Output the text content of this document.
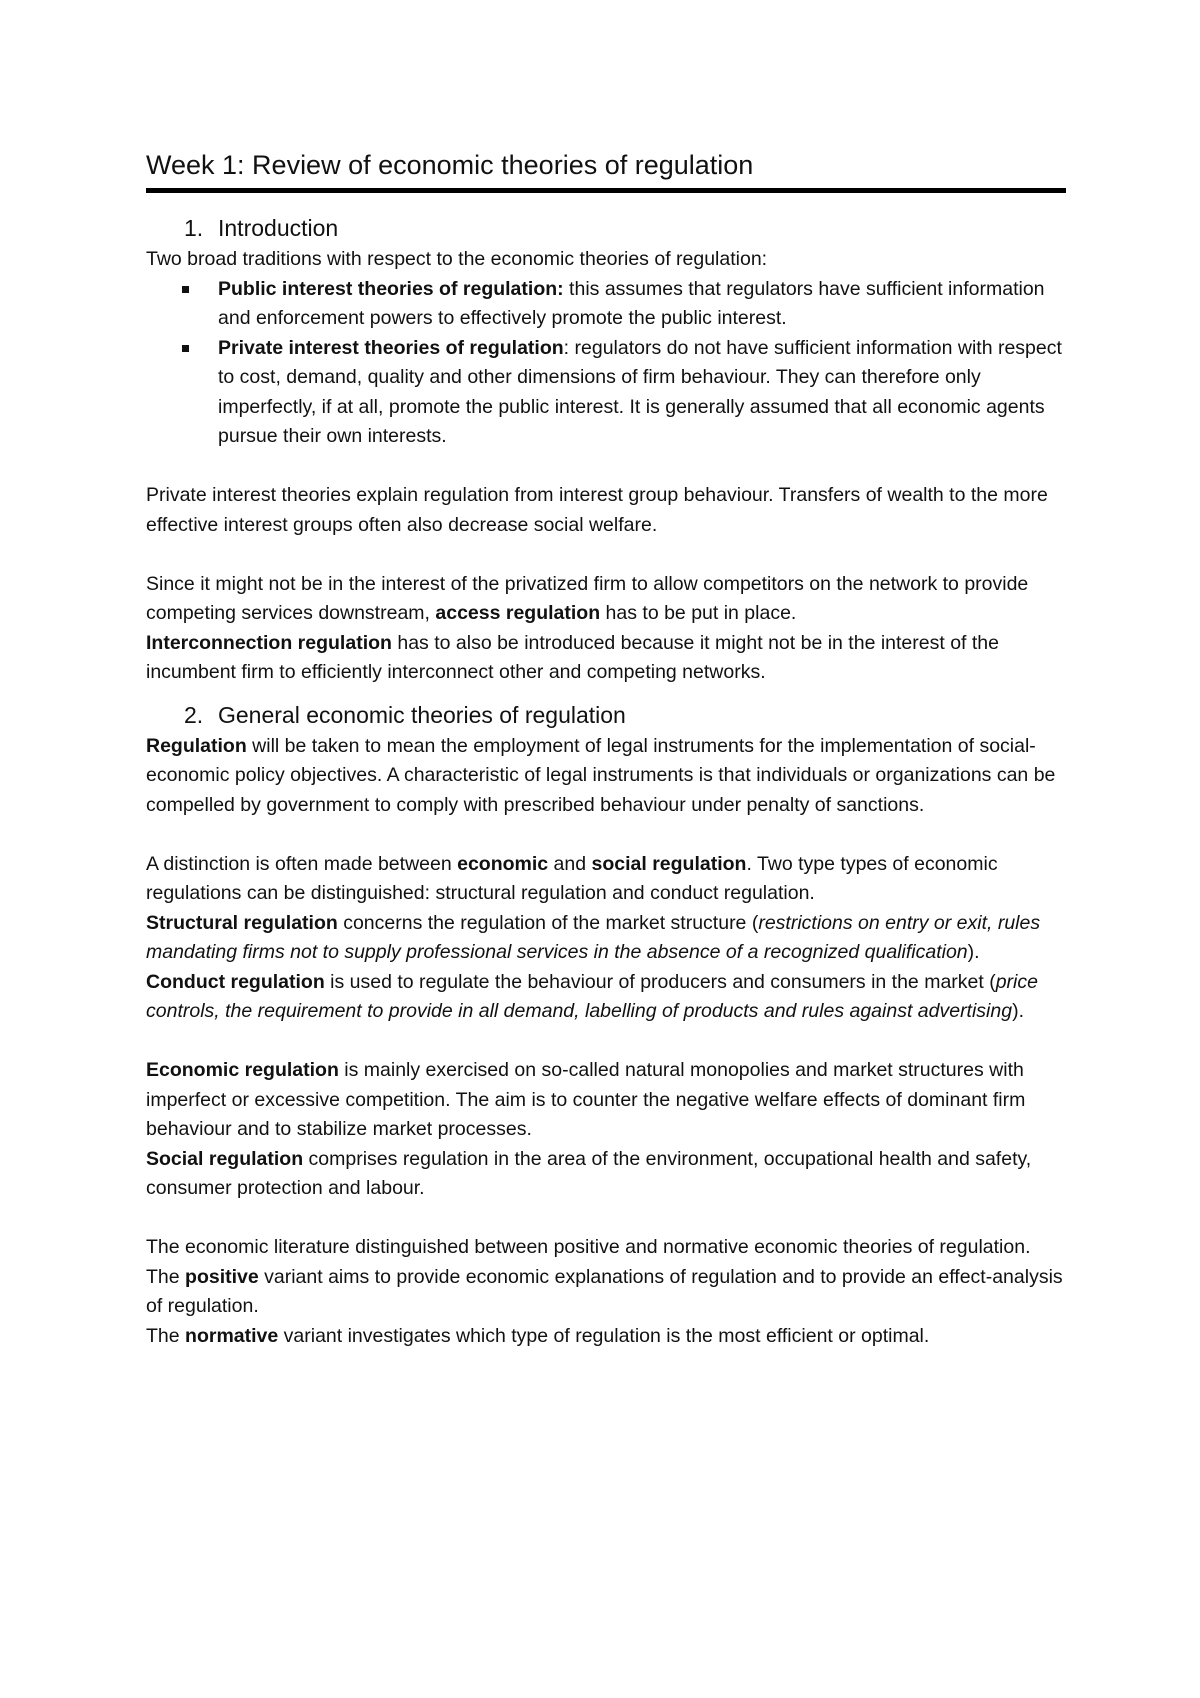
Week 1: Review of economic theories of regulation
1. Introduction

Two broad traditions with respect to the economic theories of regulation:

Public interest theories of regulation: this assumes that regulators have sufficient information and enforcement powers to effectively promote the public interest.
Private interest theories of regulation: regulators do not have sufficient information with respect to cost, demand, quality and other dimensions of firm behaviour. They can therefore only imperfectly, if at all, promote the public interest. It is generally assumed that all economic agents pursue their own interests.

Private interest theories explain regulation from interest group behaviour. Transfers of wealth to the more effective interest groups often also decrease social welfare.

Since it might not be in the interest of the privatized firm to allow competitors on the network to provide competing services downstream, access regulation has to be put in place.

Interconnection regulation has to also be introduced because it might not be in the interest of the incumbent firm to efficiently interconnect other and competing networks.

2. General economic theories of regulation

Regulation will be taken to mean the employment of legal instruments for the implementation of social-economic policy objectives. A characteristic of legal instruments is that individuals or organizations can be compelled by government to comply with prescribed behaviour under penalty of sanctions.

A distinction is often made between economic and social regulation. Two type types of economic regulations can be distinguished: structural regulation and conduct regulation.

Structural regulation concerns the regulation of the market structure (restrictions on entry or exit, rules mandating firms not to supply professional services in the absence of a recognized qualification).

Conduct regulation is used to regulate the behaviour of producers and consumers in the market (price controls, the requirement to provide in all demand, labelling of products and rules against advertising).

Economic regulation is mainly exercised on so-called natural monopolies and market structures with imperfect or excessive competition. The aim is to counter the negative welfare effects of dominant firm behaviour and to stabilize market processes.

Social regulation comprises regulation in the area of the environment, occupational health and safety, consumer protection and labour.

The economic literature distinguished between positive and normative economic theories of regulation. The positive variant aims to provide economic explanations of regulation and to provide an effect-analysis of regulation.

The normative variant investigates which type of regulation is the most efficient or optimal.
